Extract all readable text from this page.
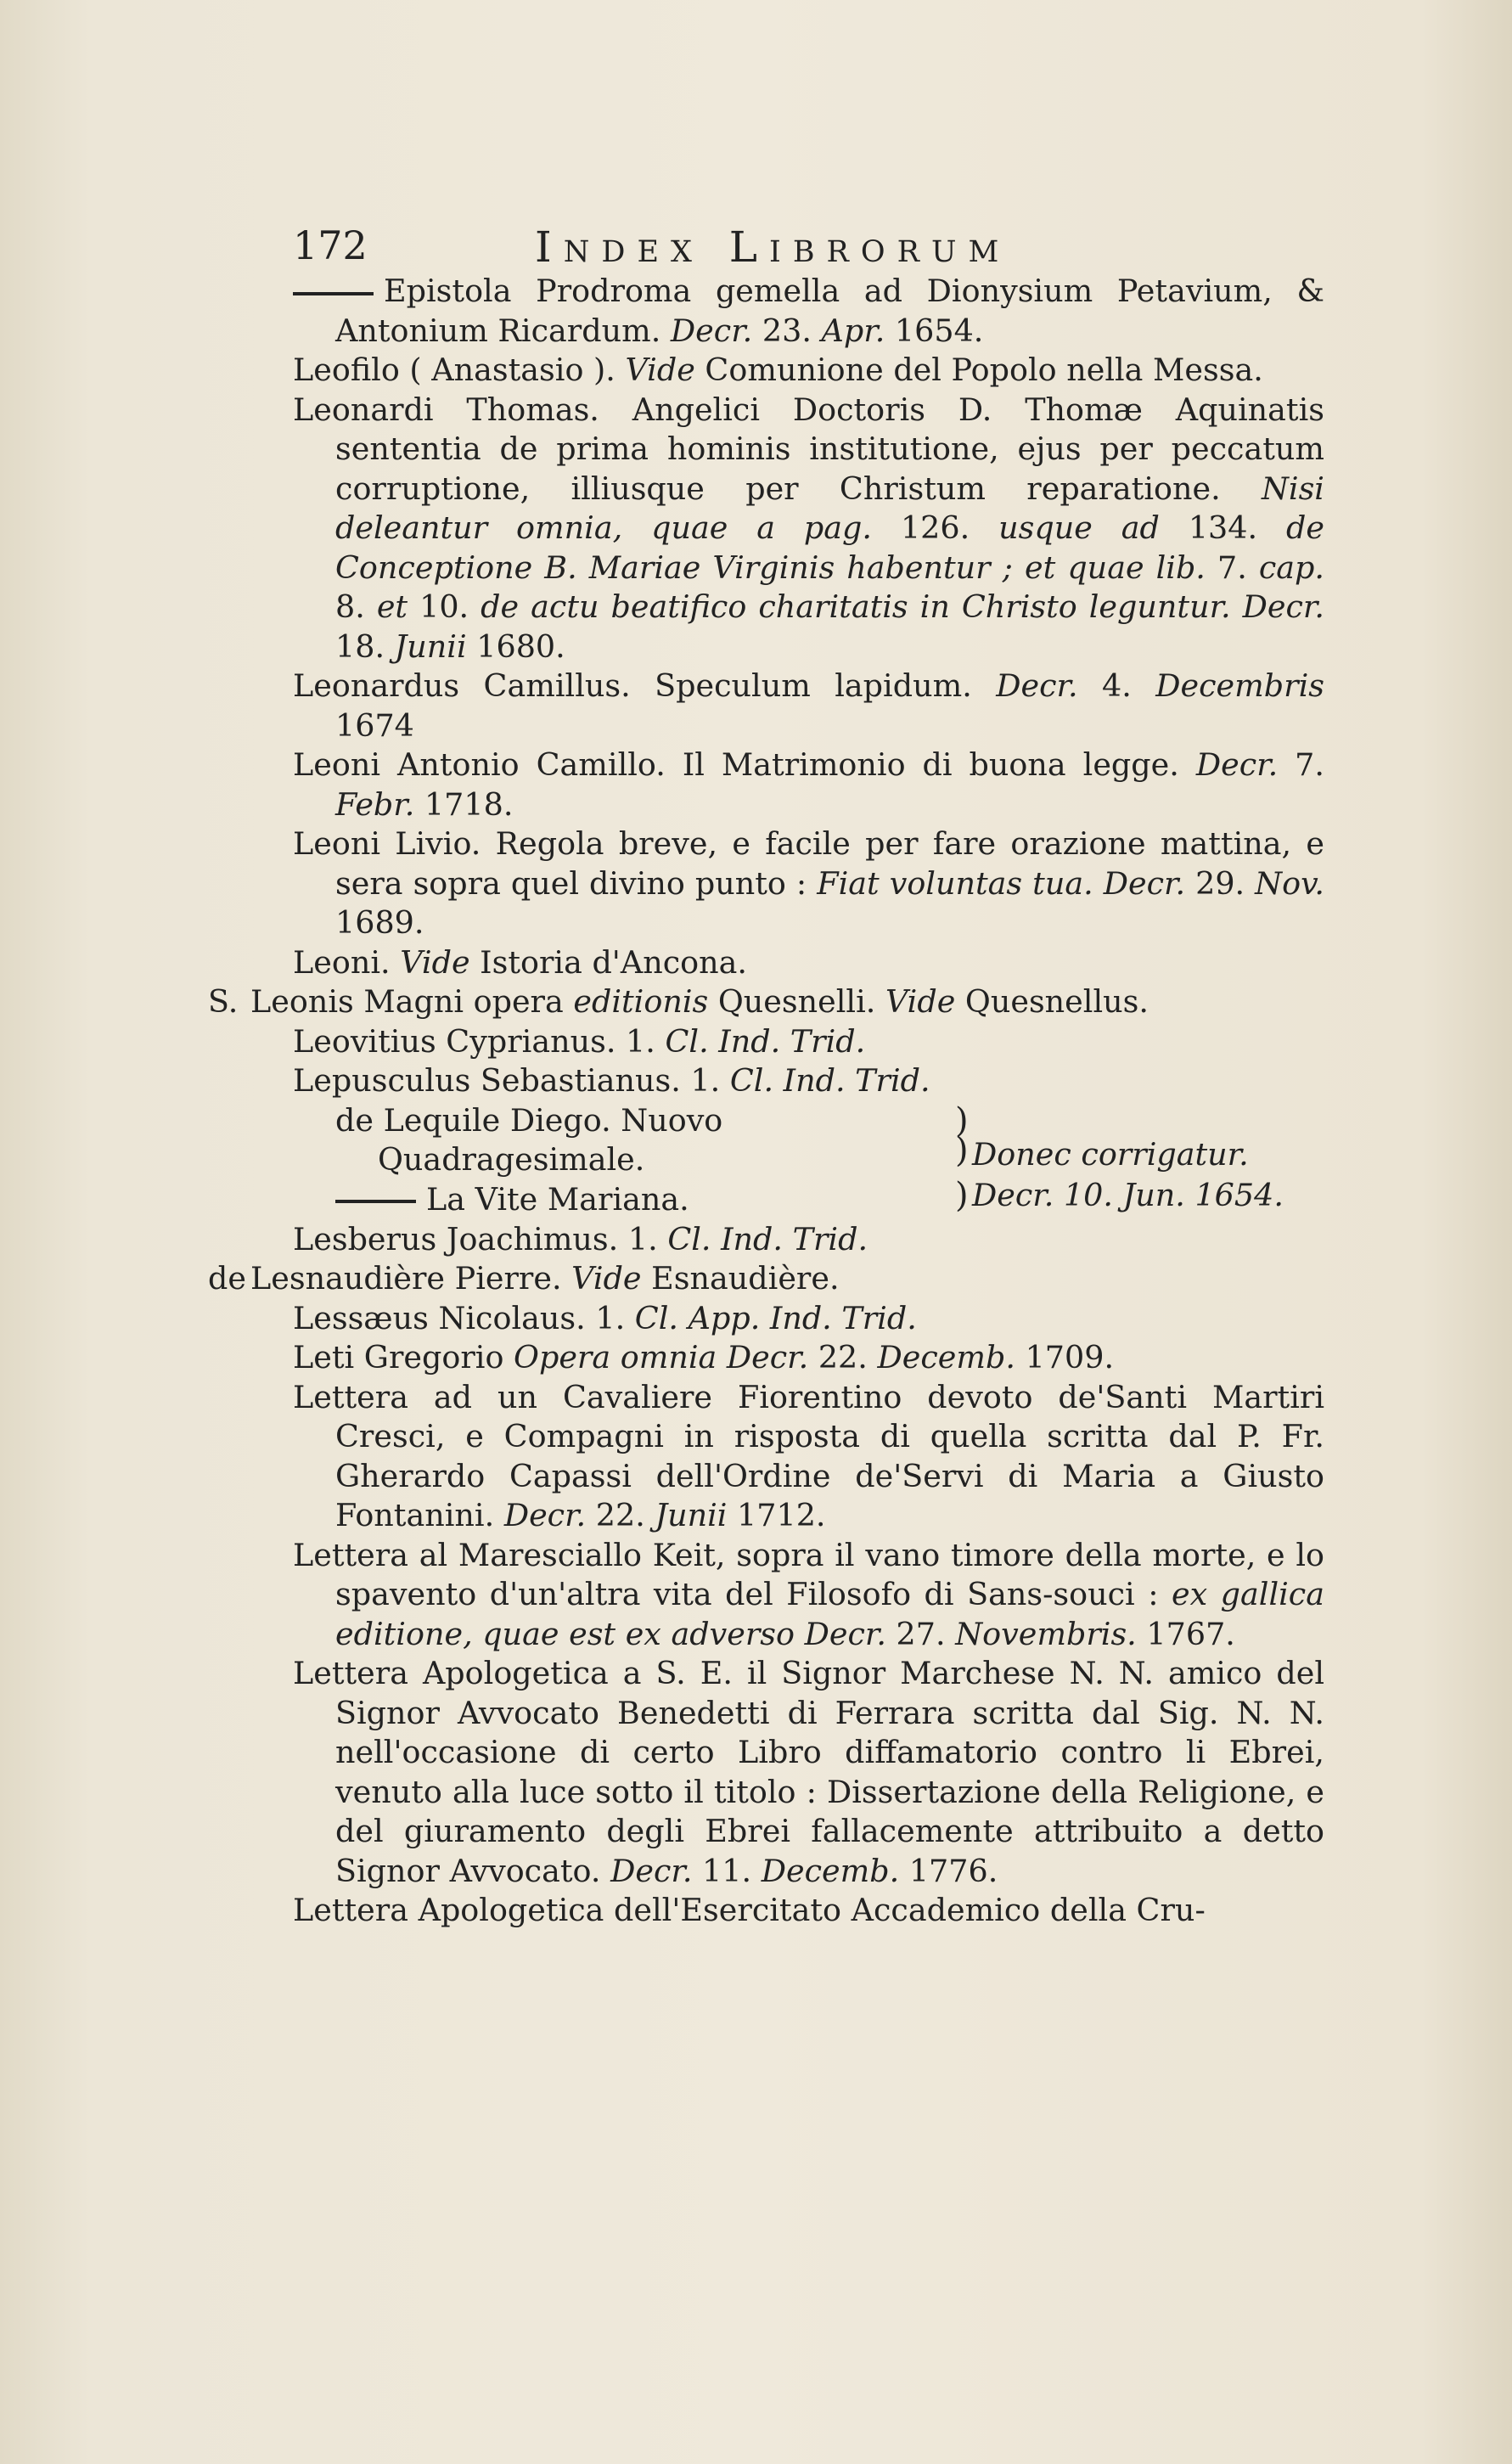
172	Index Librorum
Epistola Prodroma gemella ad Dionysium Petavium, & Antonium Ricardum. Decr. 23. Apr. 1654.
Leofilo ( Anastasio ). Vide Comunione del Popolo nella Messa.
Leonardi Thomas. Angelici Doctoris D. Thomæ Aquinatis sententia de prima hominis institutione, ejus per peccatum corruptione, illiusque per Christum reparatione. Nisi deleantur omnia, quae a pag. 126. usque ad 134. de Conceptione B. Mariae Virginis habentur ; et quae lib. 7. cap. 8. et 10. de actu beatifico charitatis in Christo leguntur. Decr. 18. Junii 1680.
Leonardus Camillus. Speculum lapidum. Decr. 4. Decembris 1674
Leoni Antonio Camillo. Il Matrimonio di buona legge. Decr. 7. Febr. 1718.
Leoni Livio. Regola breve, e facile per fare orazione mattina, e sera sopra quel divino punto : Fiat voluntas tua. Decr. 29. Nov. 1689.
Leoni. Vide Istoria d'Ancona.
S. Leonis Magni opera editionis Quesnelli. Vide Quesnellus.
Leovitius Cyprianus. 1. Cl. Ind. Trid.
Lepusculus Sebastianus. 1. Cl. Ind. Trid.
de Lequile Diego. Nuovo Quadragesimale.
La Vite Mariana.
)
)
)
Donec corrigatur.
Decr. 10. Jun. 1654.
Lesberus Joachimus. 1. Cl. Ind. Trid.
de Lesnaudière Pierre. Vide Esnaudière.
Lessæus Nicolaus. 1. Cl. App. Ind. Trid.
Leti Gregorio Opera omnia Decr. 22. Decemb. 1709.
Lettera ad un Cavaliere Fiorentino devoto de'Santi Martiri Cresci, e Compagni in risposta di quella scritta dal P. Fr. Gherardo Capassi dell'Ordine de'Servi di Maria a Giusto Fontanini. Decr. 22. Junii 1712.
Lettera al Maresciallo Keit, sopra il vano timore della morte, e lo spavento d'un'altra vita del Filosofo di Sans-souci : ex gallica editione, quae est ex adverso Decr. 27. Novembris. 1767.
Lettera Apologetica a S. E. il Signor Marchese N. N. amico del Signor Avvocato Benedetti di Ferrara scritta dal Sig. N. N. nell'occasione di certo Libro diffamatorio contro li Ebrei, venuto alla luce sotto il titolo : Dissertazione della Religione, e del giuramento degli Ebrei fallacemente attribuito a detto Signor Avvocato. Decr. 11. Decemb. 1776.
Lettera Apologetica dell'Esercitato Accademico della Cru-
